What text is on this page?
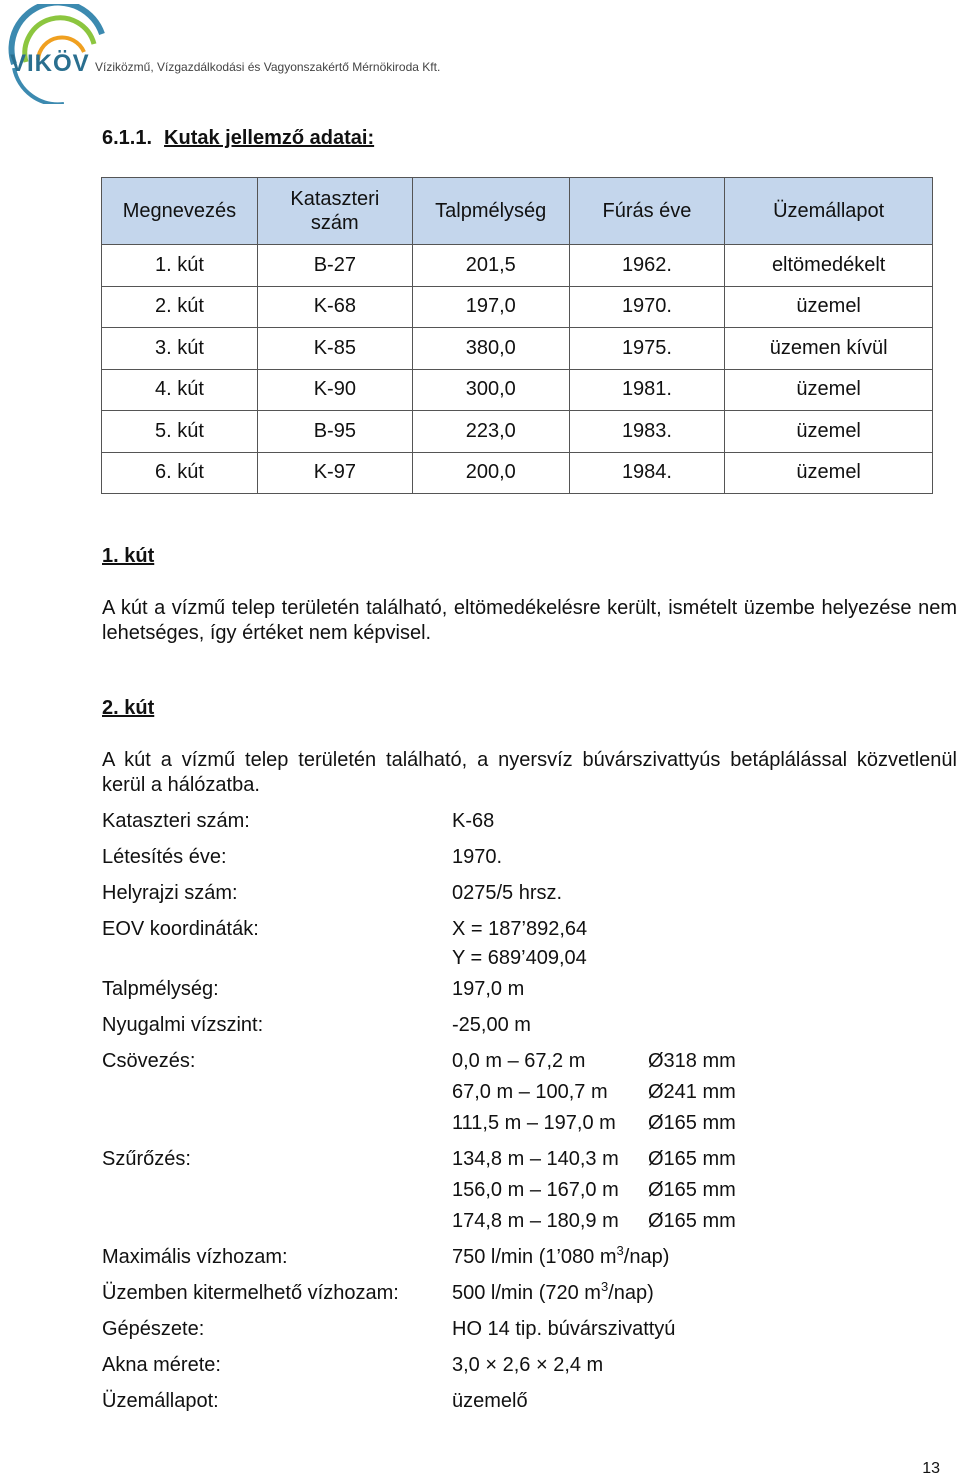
VIKÖV Víziközmű, Vízgazdálkodási és Vagyonszakértő Mérnökiroda Kft.
6.1.1. Kutak jellemző adatai:
Megnevezés	Kataszteri szám	Talpmélység	Fúrás éve	Üzemállapot
1. kút	B-27	201,5	1962.	eltömedékelt
2. kút	K-68	197,0	1970.	üzemel
3. kút	K-85	380,0	1975.	üzemen kívül
4. kút	K-90	300,0	1981.	üzemel
5. kút	B-95	223,0	1983.	üzemel
6. kút	K-97	200,0	1984.	üzemel
1. kút
A kút a vízmű telep területén található, eltömedékelésre került, ismételt üzembe helyezése nem lehetséges, így értéket nem képvisel.
2. kút
A kút a vízmű telep területén található, a nyersvíz búvárszivattyús betáplálással közvetlenül kerül a hálózatba.
Kataszteri szám:	K-68
Létesítés éve:	1970.
Helyrajzi szám:	0275/5 hrsz.
EOV koordináták:	X = 187’892,64
Y = 689’409,04
Talpmélység:	197,0 m
Nyugalmi vízszint:	-25,00 m
Csövezés:	0,0 m – 67,2 m	Ø318 mm
67,0 m – 100,7 m Ø241 mm
111,5 m – 197,0 m Ø165 mm
Szűrőzés:	134,8 m – 140,3 m Ø165 mm
156,0 m – 167,0 m Ø165 mm
174,8 m – 180,9 m Ø165 mm
Maximális vízhozam:	750 l/min (1’080 $m^3/nap$)
Üzemben kitermelhető vízhozam:	500 l/min (720 $m^3/nap$)
Gépészete:	HO 14 tip. búvárszivattyú
Akna mérete:	3,0 × 2,6 × 2,4 m
Üzemállapot:	üzemelő
13
